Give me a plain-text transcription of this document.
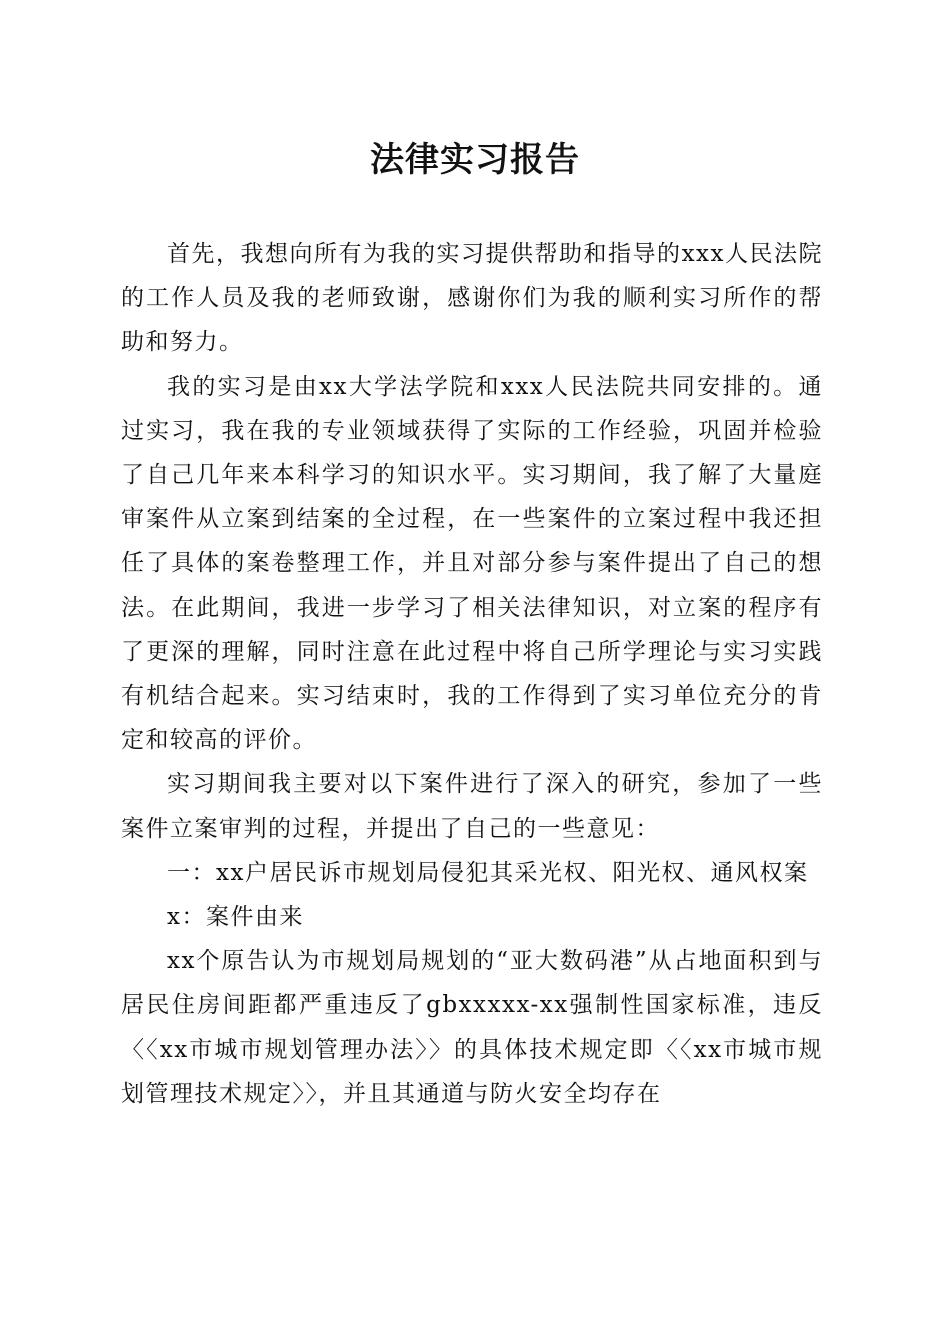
法律实习报告

首先，我想向所有为我的实习提供帮助和指导的xxx人民法院的工作人员及我的老师致谢，感谢你们为我的顺利实习所作的帮助和努力。

我的实习是由xx大学法学院和xxx人民法院共同安排的。通过实习，我在我的专业领域获得了实际的工作经验，巩固并检验了自己几年来本科学习的知识水平。实习期间，我了解了大量庭审案件从立案到结案的全过程，在一些案件的立案过程中我还担任了具体的案卷整理工作，并且对部分参与案件提出了自己的想法。在此期间，我进一步学习了相关法律知识，对立案的程序有了更深的理解，同时注意在此过程中将自己所学理论与实习实践有机结合起来。实习结束时，我的工作得到了实习单位充分的肯定和较高的评价。

实习期间我主要对以下案件进行了深入的研究，参加了一些案件立案审判的过程，并提出了自己的一些意见：

一：xx户居民诉市规划局侵犯其采光权、阳光权、通风权案

x：案件由来

xx个原告认为市规划局规划的“亚大数码港”从占地面积到与居民住房间距都严重违反了gbxxxxx-xx强制性国家标准，违反〈〈xx市城市规划管理办法〉〉的具体技术规定即〈〈xx市城市规划管理技术规定〉〉，并且其通道与防火安全均存在
